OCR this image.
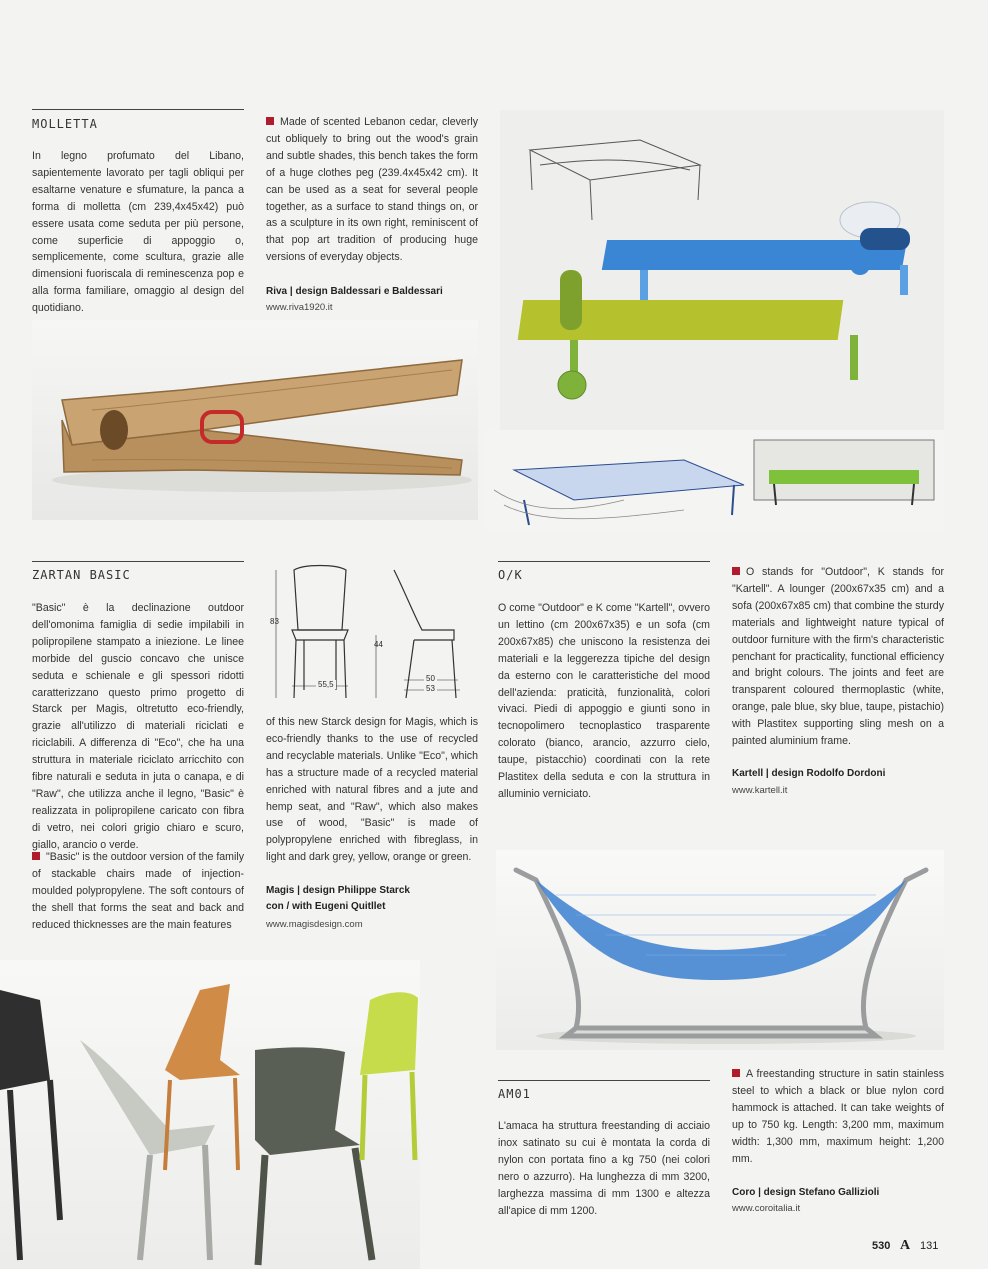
MOLLETTA

In legno profumato del Libano, sapientemente lavorato per tagli obliqui per esaltarne venature e sfumature, la panca a forma di molletta (cm 239,4x45x42) può essere usata come seduta per più persone, come superficie di appoggio o, semplicemente, come scultura, grazie alle dimensioni fuoriscala di reminescenza pop e alla forma familiare, omaggio al design del quotidiano.

Made of scented Lebanon cedar, cleverly cut obliquely to bring out the wood's grain and subtle shades, this bench takes the form of a huge clothes peg (239.4x45x42 cm). It can be used as a seat for several people together, as a surface to stand things on, or as a sculpture in its own right, reminiscent of that pop art tradition of producing huge versions of everyday objects.

Riva | design Baldessari e Baldessari
www.riva1920.it
ZARTAN BASIC

"Basic" è la declinazione outdoor dell'omonima famiglia di sedie impilabili in polipropilene stampato a iniezione. Le linee morbide del guscio concavo che unisce seduta e schienale e gli spessori ridotti caratterizzano questo primo progetto di Starck per Magis, oltretutto eco-friendly, grazie all'utilizzo di materiali riciclati e riciclabili. A differenza di "Eco", che ha una struttura in materiale riciclato arricchito con fibre naturali e seduta in juta o canapa, e di "Raw", che utilizza anche il legno, "Basic" è realizzata in polipropilene caricato con fibra di vetro, nei colori grigio chiaro e scuro, giallo, arancio o verde.

"Basic" is the outdoor version of the family of stackable chairs made of injection-moulded polypropylene. The soft contours of the shell that forms the seat and back and reduced thicknesses are the main features

83
44
55,5
50
53

of this new Starck design for Magis, which is eco-friendly thanks to the use of recycled and recyclable materials. Unlike "Eco", which has a structure made of a recycled material enriched with natural fibres and a jute and hemp seat, and "Raw", which also makes use of wood, "Basic" is made of polypropylene enriched with fibreglass, in light and dark grey, yellow, orange or green.

Magis | design Philippe Starck
con / with Eugeni Quitllet
www.magisdesign.com
O/K

O come "Outdoor" e K come "Kartell", ovvero un lettino (cm 200x67x35) e un sofa (cm 200x67x85) che uniscono la resistenza dei materiali e la leggerezza tipiche del design da esterno con le caratteristiche del mood dell'azienda: praticità, funzionalità, colori vivaci. Piedi di appoggio e giunti sono in tecnopolimero tecnoplastico trasparente colorato (bianco, arancio, azzurro cielo, taupe, pistacchio) coordinati con la rete Plastitex della seduta e con la struttura in alluminio verniciato.

O stands for "Outdoor", K stands for "Kartell". A lounger (200x67x35 cm) and a sofa (200x67x85 cm) that combine the sturdy materials and lightweight nature typical of outdoor furniture with the firm's characteristic penchant for practicality, functional efficiency and bright colours. The joints and feet are transparent coloured thermoplastic (white, orange, pale blue, sky blue, taupe, pistachio) with Plastitex supporting sling mesh on a painted aluminium frame.

Kartell | design Rodolfo Dordoni
www.kartell.it
AM01

L'amaca ha struttura freestanding di acciaio inox satinato su cui è montata la corda di nylon con portata fino a kg 750 (nei colori nero o azzurro). Ha lunghezza di mm 3200, larghezza massima di mm 1300 e altezza all'apice di mm 1200.

A freestanding structure in satin stainless steel to which a black or blue nylon cord hammock is attached. It can take weights of up to 750 kg. Length: 3,200 mm, maximum width: 1,300 mm, maximum height: 1,200 mm.

Coro | design Stefano Gallizioli
www.coroitalia.it
530 A 131
